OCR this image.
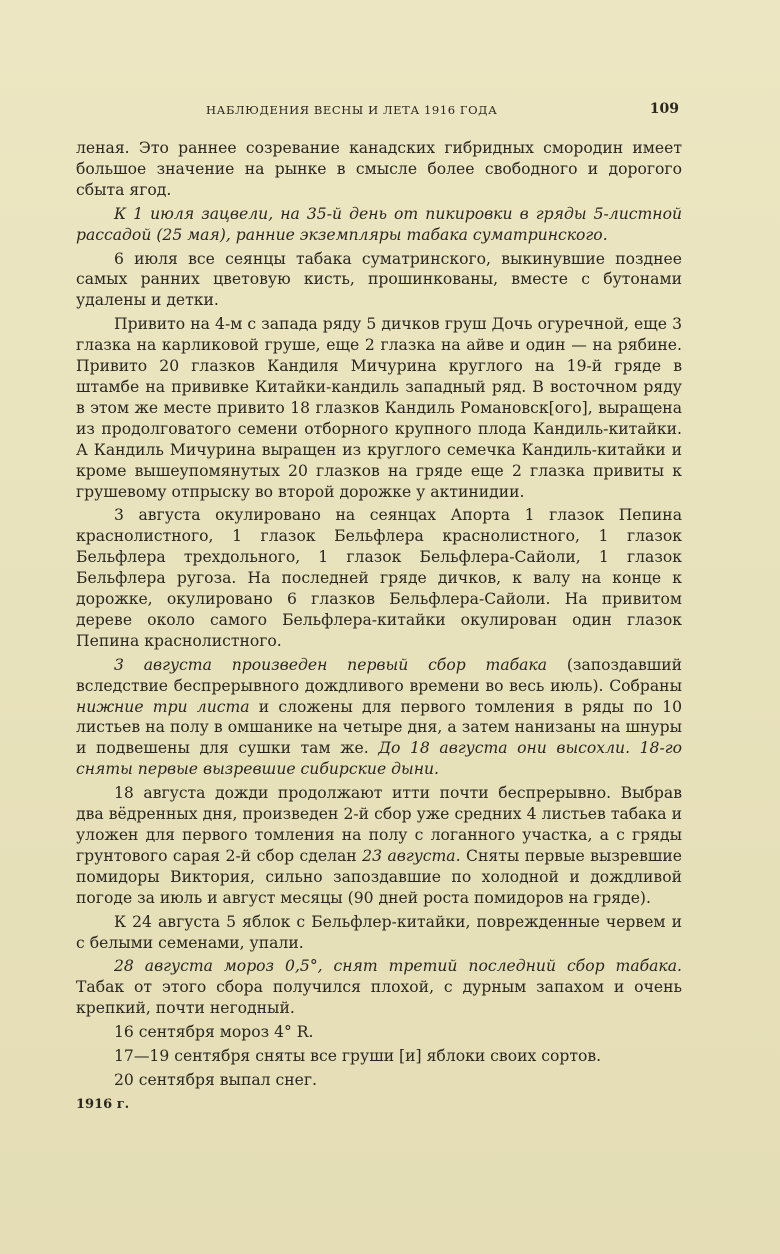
НАБЛЮДЕНИЯ ВЕСНЫ И ЛЕТА 1916 ГОДА	109

леная. Это раннее созревание канадских гибридных смородин имеет большое значение на рынке в смысле более свободного и дорогого сбыта ягод.

К 1 июля зацвели, на 35-й день от пикировки в гряды 5-листной рассадой (25 мая), ранние экземпляры табака суматринского.

6 июля все сеянцы табака суматринского, выкинувшие позднее самых ранних цветовую кисть, прошинкованы, вместе с бутонами удалены и детки.

Привито на 4-м с запада ряду 5 дичков груш Дочь огуречной, еще 3 глазка на карликовой груше, еще 2 глазка на айве и один — на рябине. Привито 20 глазков Кандиля Мичурина круглого на 19-й гряде в штамбе на прививке Китайки-кандиль западный ряд. В восточном ряду в этом же месте привито 18 глазков Кандиль Романовск[ого], выращена из продолговатого семени отборного крупного плода Кандиль-китайки. А Кандиль Мичурина выращен из круглого семечка Кандиль-китайки и кроме вышеупомянутых 20 глазков на гряде еще 2 глазка привиты к грушевому отпрыску во второй дорожке у актинидии.

3 августа окулировано на сеянцах Апорта 1 глазок Пепина краснолистного, 1 глазок Бельфлера краснолистного, 1 глазок Бельфлера трехдольного, 1 глазок Бельфлера-Сайоли, 1 глазок Бельфлера ругоза. На последней гряде дичков, к валу на конце к дорожке, окулировано 6 глазков Бельфлера-Сайоли. На привитом дереве около самого Бельфлера-китайки окулирован один глазок Пепина краснолистного.

3 августа произведен первый сбор табака (запоздавший вследствие беспрерывного дождливого времени во весь июль). Собраны нижние три листа и сложены для первого томления в ряды по 10 листьев на полу в омшанике на четыре дня, а затем нанизаны на шнуры и подвешены для сушки там же. До 18 августа они высохли. 18-го сняты первые вызревшие сибирские дыни.

18 августа дожди продолжают итти почти беспрерывно. Выбрав два вёдренных дня, произведен 2-й сбор уже средних 4 листьев табака и уложен для первого томления на полу с логанного участка, а с гряды грунтового сарая 2-й сбор сделан 23 августа. Сняты первые вызревшие помидоры Виктория, сильно запоздавшие по холодной и дождливой погоде за июль и август месяцы (90 дней роста помидоров на гряде).

К 24 августа 5 яблок с Бельфлер-китайки, поврежденные червем и с белыми семенами, упали.

28 августа мороз 0,5°, снят третий последний сбор табака. Табак от этого сбора получился плохой, с дурным запахом и очень крепкий, почти негодный.

16 сентября мороз 4° R.

17—19 сентября сняты все груши [и] яблоки своих сортов.

20 сентября выпал снег.

1916 г.
